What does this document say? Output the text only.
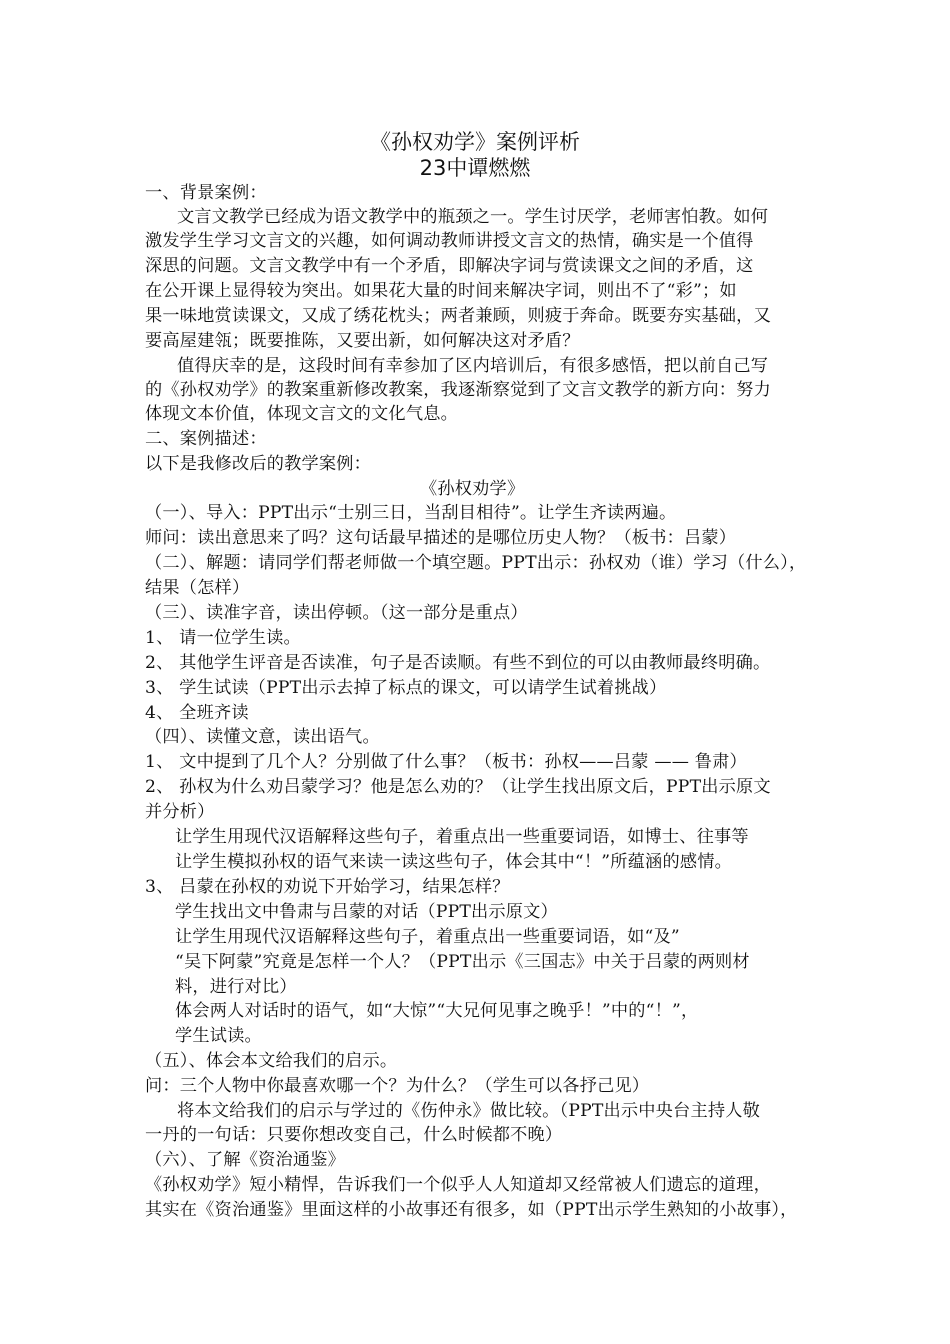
《孙权劝学》案例评析
23中谭燃燃
一、背景案例：
文言文教学已经成为语文教学中的瓶颈之一。学生讨厌学，老师害怕教。如何
激发学生学习文言文的兴趣，如何调动教师讲授文言文的热情，确实是一个值得
深思的问题。文言文教学中有一个矛盾，即解决字词与赏读课文之间的矛盾，这
在公开课上显得较为突出。如果花大量的时间来解决字词，则出不了“彩”；如
果一味地赏读课文，又成了绣花枕头；两者兼顾，则疲于奔命。既要夯实基础，又
要高屋建瓴；既要推陈，又要出新，如何解决这对矛盾？
值得庆幸的是，这段时间有幸参加了区内培训后，有很多感悟，把以前自己写
的《孙权劝学》的教案重新修改教案，我逐渐察觉到了文言文教学的新方向：努力
体现文本价值，体现文言文的文化气息。
二、案例描述：
以下是我修改后的教学案例：
《孙权劝学》
（一）、导入：PPT出示“士别三日，当刮目相待”。让学生齐读两遍。
师问：读出意思来了吗？这句话最早描述的是哪位历史人物？（板书：吕蒙）
（二）、解题：请同学们帮老师做一个填空题。PPT出示：孙权劝（谁）学习（什么），
结果（怎样）
（三）、读准字音，读出停顿。（这一部分是重点）
1、 请一位学生读。
2、 其他学生评音是否读准，句子是否读顺。有些不到位的可以由教师最终明确。
3、 学生试读（PPT出示去掉了标点的课文，可以请学生试着挑战）
4、 全班齐读
（四）、读懂文意，读出语气。
1、 文中提到了几个人？分别做了什么事？（板书：孙权——吕蒙 —— 鲁肃）
2、 孙权为什么劝吕蒙学习？他是怎么劝的？（让学生找出原文后，PPT出示原文
并分析）
让学生用现代汉语解释这些句子，着重点出一些重要词语，如博士、往事等
让学生模拟孙权的语气来读一读这些句子，体会其中“！”所蕴涵的感情。
3、 吕蒙在孙权的劝说下开始学习，结果怎样？
学生找出文中鲁肃与吕蒙的对话（PPT出示原文）
让学生用现代汉语解释这些句子，着重点出一些重要词语，如“及”
“吴下阿蒙”究竟是怎样一个人？（PPT出示《三国志》中关于吕蒙的两则材
料，进行对比）
体会两人对话时的语气，如“大惊”“大兄何见事之晚乎！”中的“！”，
学生试读。
（五）、体会本文给我们的启示。
问：三个人物中你最喜欢哪一个？为什么？（学生可以各抒己见）
将本文给我们的启示与学过的《伤仲永》做比较。（PPT出示中央台主持人敬
一丹的一句话：只要你想改变自己，什么时候都不晚）
（六）、了解《资治通鉴》
《孙权劝学》短小精悍，告诉我们一个似乎人人知道却又经常被人们遗忘的道理，
其实在《资治通鉴》里面这样的小故事还有很多，如（PPT出示学生熟知的小故事），
